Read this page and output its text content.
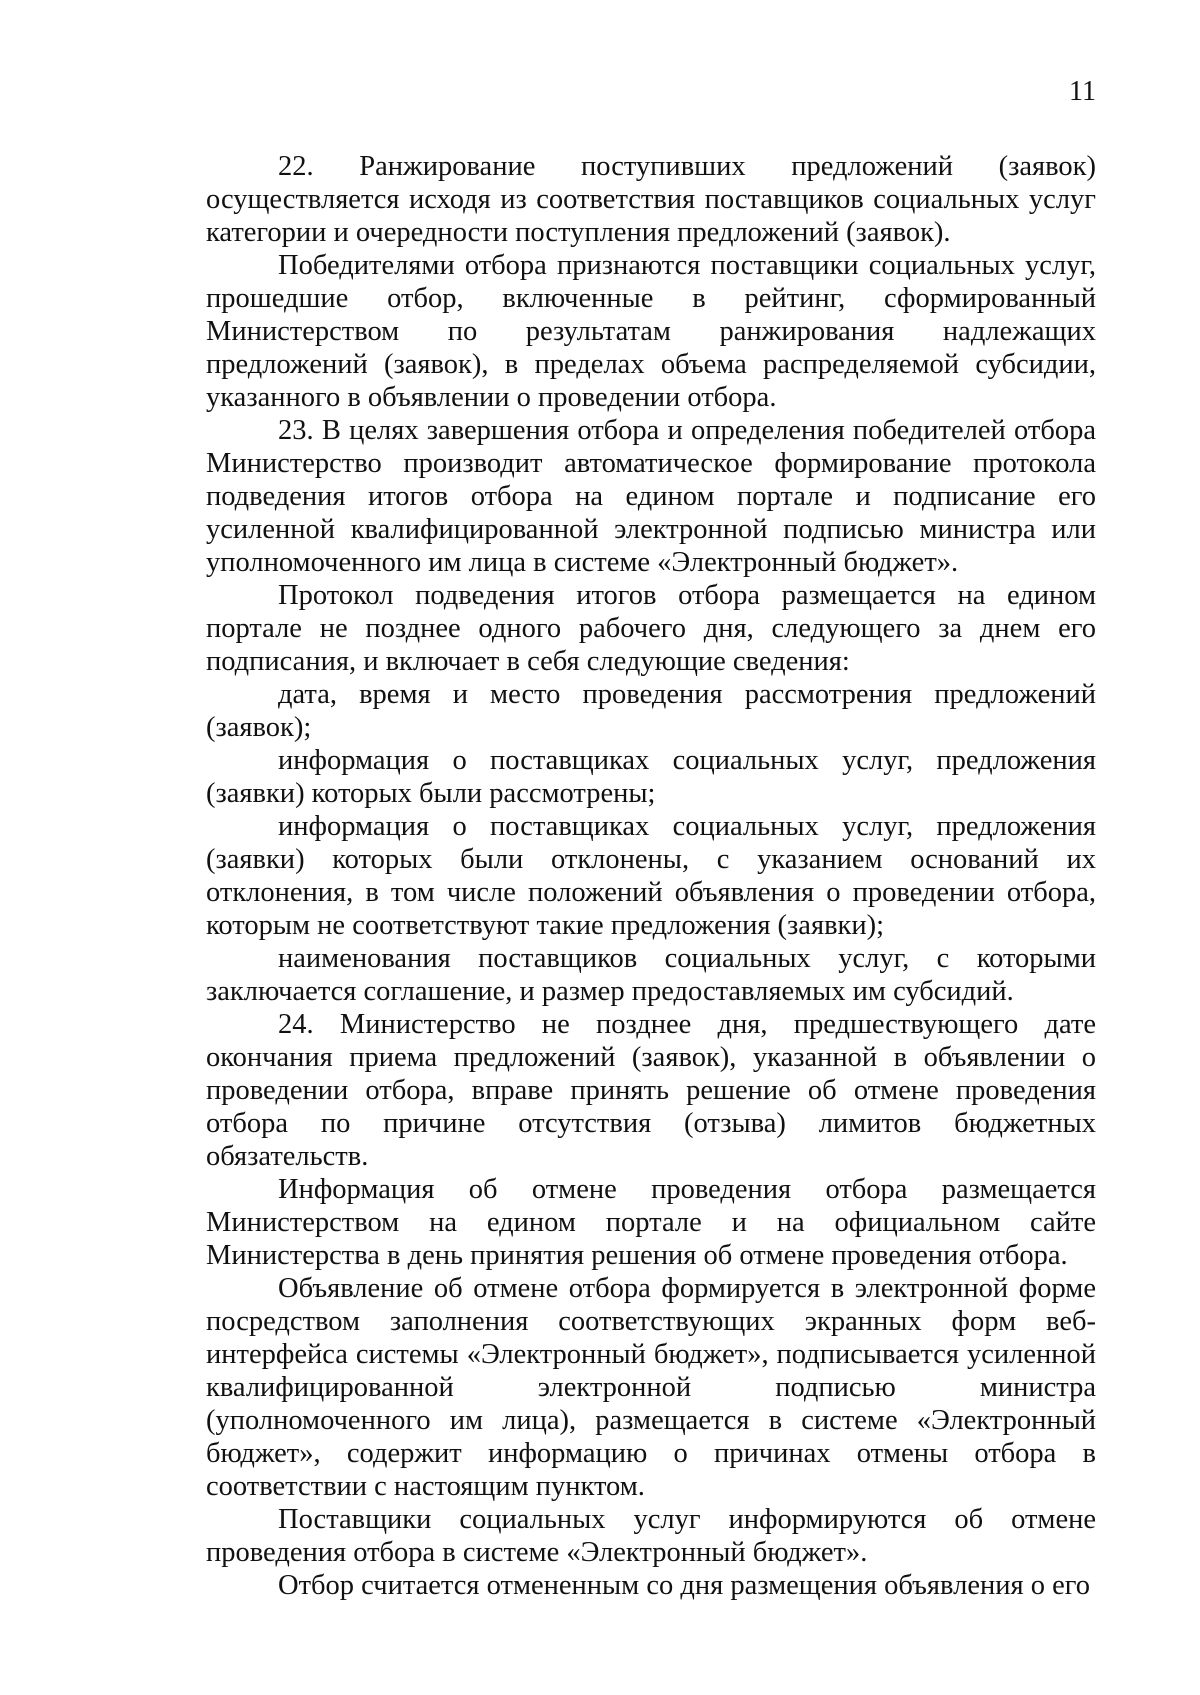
11

22. Ранжирование поступивших предложений (заявок) осуществляется исходя из соответствия поставщиков социальных услуг категории и очередности поступления предложений (заявок).

Победителями отбора признаются поставщики социальных услуг, прошедшие отбор, включенные в рейтинг, сформированный Министерством по результатам ранжирования надлежащих предложений (заявок), в пределах объема распределяемой субсидии, указанного в объявлении о проведении отбора.

23. В целях завершения отбора и определения победителей отбора Министерство производит автоматическое формирование протокола подведения итогов отбора на едином портале и подписание его усиленной квалифицированной электронной подписью министра или уполномоченного им лица в системе «Электронный бюджет».

Протокол подведения итогов отбора размещается на едином портале не позднее одного рабочего дня, следующего за днем его подписания, и включает в себя следующие сведения:

дата, время и место проведения рассмотрения предложений (заявок);

информация о поставщиках социальных услуг, предложения (заявки) которых были рассмотрены;

информация о поставщиках социальных услуг, предложения (заявки) которых были отклонены, с указанием оснований их отклонения, в том числе положений объявления о проведении отбора, которым не соответствуют такие предложения (заявки);

наименования поставщиков социальных услуг, с которыми заключается соглашение, и размер предоставляемых им субсидий.

24. Министерство не позднее дня, предшествующего дате окончания приема предложений (заявок), указанной в объявлении о проведении отбора, вправе принять решение об отмене проведения отбора по причине отсутствия (отзыва) лимитов бюджетных обязательств.

Информация об отмене проведения отбора размещается Министерством на едином портале и на официальном сайте Министерства в день принятия решения об отмене проведения отбора.

Объявление об отмене отбора формируется в электронной форме посредством заполнения соответствующих экранных форм веб-интерфейса системы «Электронный бюджет», подписывается усиленной квалифицированной электронной подписью министра (уполномоченного им лица), размещается в системе «Электронный бюджет», содержит информацию о причинах отмены отбора в соответствии с настоящим пунктом.

Поставщики социальных услуг информируются об отмене проведения отбора в системе «Электронный бюджет».

Отбор считается отмененным со дня размещения объявления о его
